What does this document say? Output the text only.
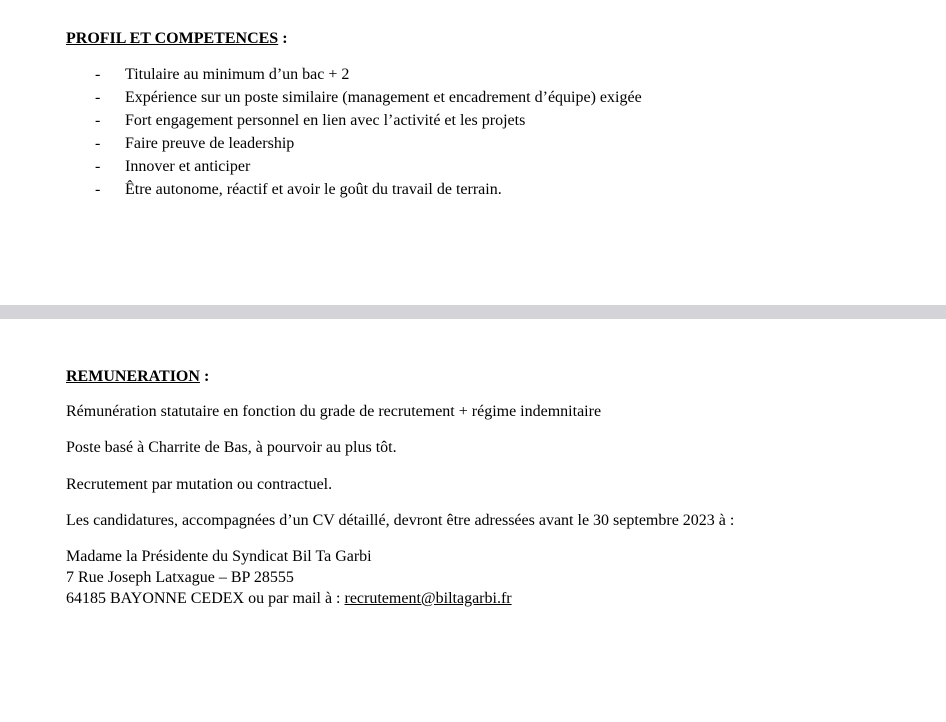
PROFIL ET COMPETENCES :
- Titulaire au minimum d’un bac + 2
- Expérience sur un poste similaire (management et encadrement d’équipe) exigée
- Fort engagement personnel en lien avec l’activité et les projets
- Faire preuve de leadership
- Innover et anticiper
- Être autonome, réactif et avoir le goût du travail de terrain.
REMUNERATION :
Rémunération statutaire en fonction du grade de recrutement + régime indemnitaire
Poste basé à Charrite de Bas, à pourvoir au plus tôt.
Recrutement par mutation ou contractuel.
Les candidatures, accompagnées d’un CV détaillé, devront être adressées avant le 30 septembre 2023 à :
Madame la Présidente du Syndicat Bil Ta Garbi
7 Rue Joseph Latxague – BP 28555
64185 BAYONNE CEDEX ou par mail à : recrutement@biltagarbi.fr
